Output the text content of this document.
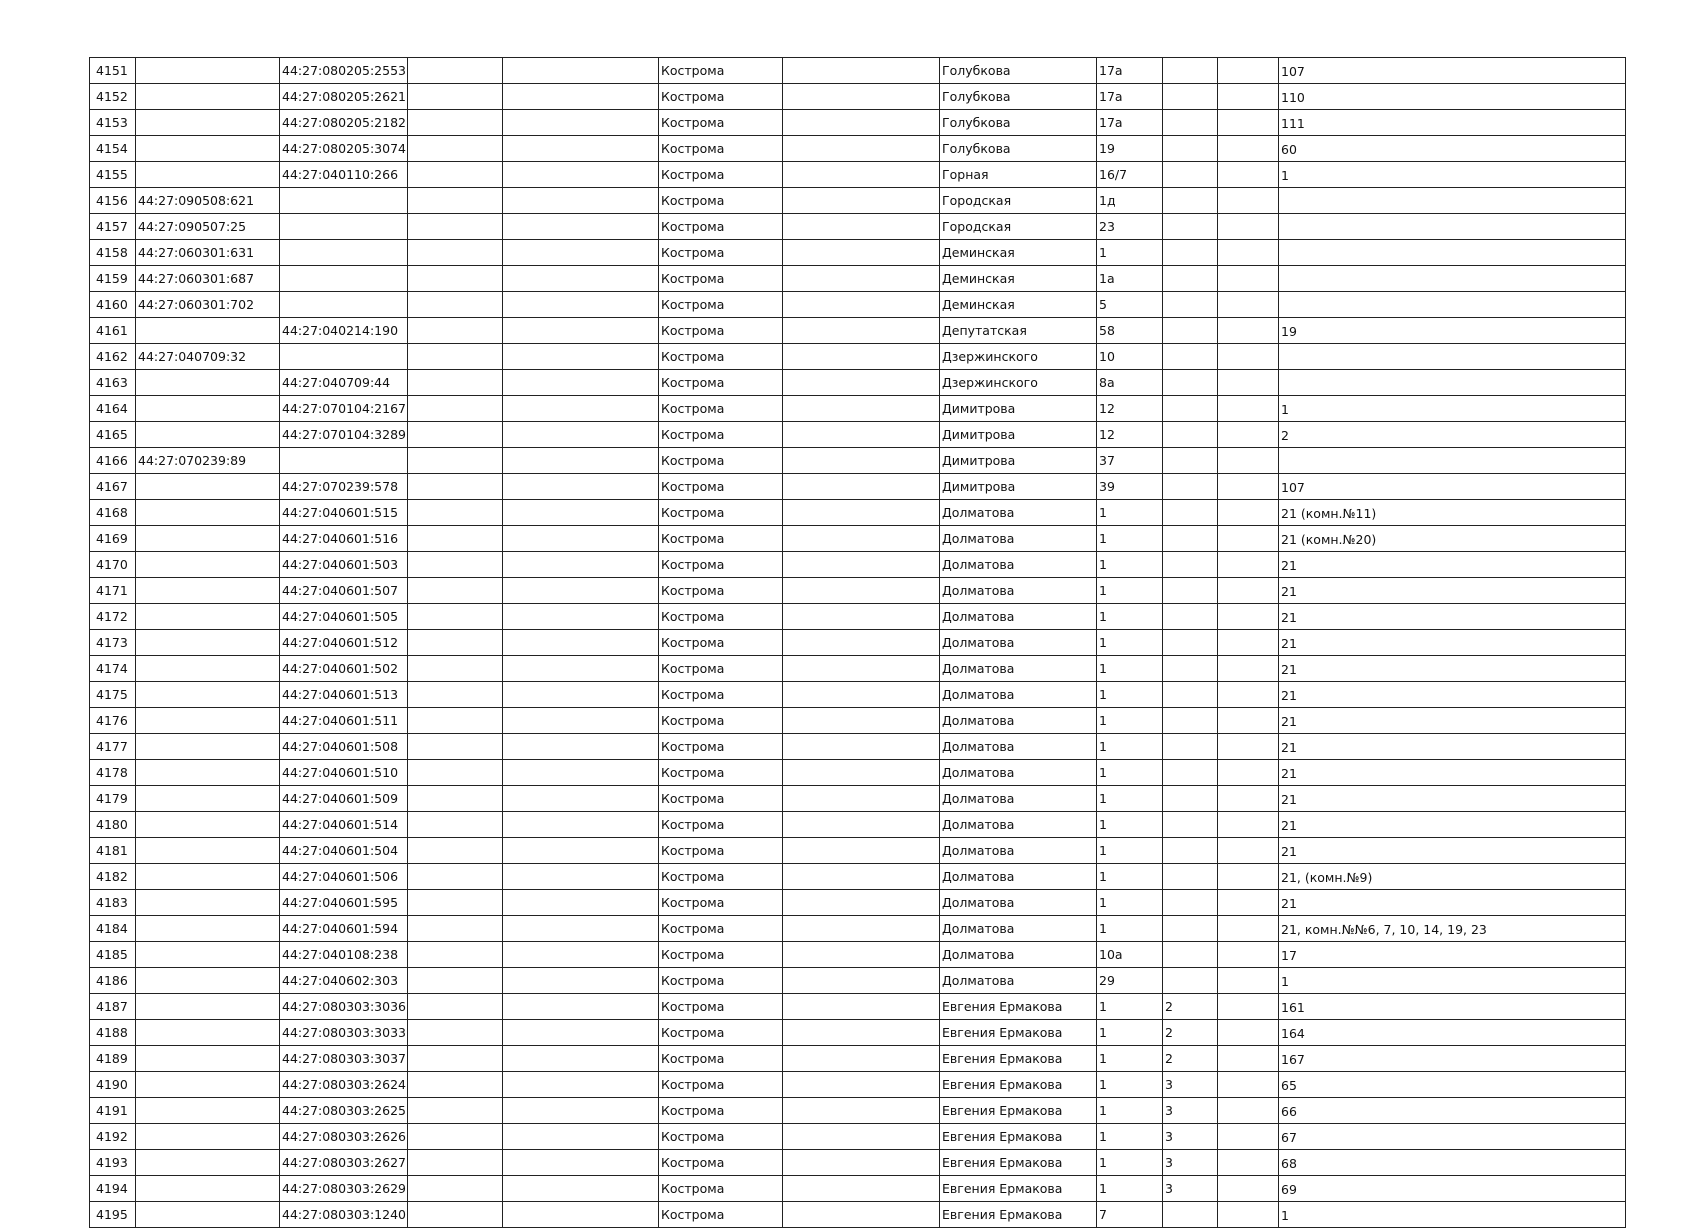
4151		44:27:080205:2553			Кострома		Голубкова	17а			107
4152		44:27:080205:2621			Кострома		Голубкова	17а			110
4153		44:27:080205:2182			Кострома		Голубкова	17а			111
4154		44:27:080205:3074			Кострома		Голубкова	19			60
4155		44:27:040110:266			Кострома		Горная	16/7			1
4156	44:27:090508:621				Кострома		Городская	1д			
4157	44:27:090507:25				Кострома		Городская	23			
4158	44:27:060301:631				Кострома		Деминская	1			
4159	44:27:060301:687				Кострома		Деминская	1а			
4160	44:27:060301:702				Кострома		Деминская	5			
4161		44:27:040214:190			Кострома		Депутатская	58			19
4162	44:27:040709:32				Кострома		Дзержинского	10			
4163		44:27:040709:44			Кострома		Дзержинского	8а			
4164		44:27:070104:2167			Кострома		Димитрова	12			1
4165		44:27:070104:3289			Кострома		Димитрова	12			2
4166	44:27:070239:89				Кострома		Димитрова	37			
4167		44:27:070239:578			Кострома		Димитрова	39			107
4168		44:27:040601:515			Кострома		Долматова	1			21 (комн.№11)
4169		44:27:040601:516			Кострома		Долматова	1			21 (комн.№20)
4170		44:27:040601:503			Кострома		Долматова	1			21
4171		44:27:040601:507			Кострома		Долматова	1			21
4172		44:27:040601:505			Кострома		Долматова	1			21
4173		44:27:040601:512			Кострома		Долматова	1			21
4174		44:27:040601:502			Кострома		Долматова	1			21
4175		44:27:040601:513			Кострома		Долматова	1			21
4176		44:27:040601:511			Кострома		Долматова	1			21
4177		44:27:040601:508			Кострома		Долматова	1			21
4178		44:27:040601:510			Кострома		Долматова	1			21
4179		44:27:040601:509			Кострома		Долматова	1			21
4180		44:27:040601:514			Кострома		Долматова	1			21
4181		44:27:040601:504			Кострома		Долматова	1			21
4182		44:27:040601:506			Кострома		Долматова	1			21, (комн.№9)
4183		44:27:040601:595			Кострома		Долматова	1			21
4184		44:27:040601:594			Кострома		Долматова	1			21, комн.№№6, 7, 10, 14, 19, 23
4185		44:27:040108:238			Кострома		Долматова	10а			17
4186		44:27:040602:303			Кострома		Долматова	29			1
4187		44:27:080303:3036			Кострома		Евгения Ермакова	1	2		161
4188		44:27:080303:3033			Кострома		Евгения Ермакова	1	2		164
4189		44:27:080303:3037			Кострома		Евгения Ермакова	1	2		167
4190		44:27:080303:2624			Кострома		Евгения Ермакова	1	3		65
4191		44:27:080303:2625			Кострома		Евгения Ермакова	1	3		66
4192		44:27:080303:2626			Кострома		Евгения Ермакова	1	3		67
4193		44:27:080303:2627			Кострома		Евгения Ермакова	1	3		68
4194		44:27:080303:2629			Кострома		Евгения Ермакова	1	3		69
4195		44:27:080303:1240			Кострома		Евгения Ермакова	7			1
